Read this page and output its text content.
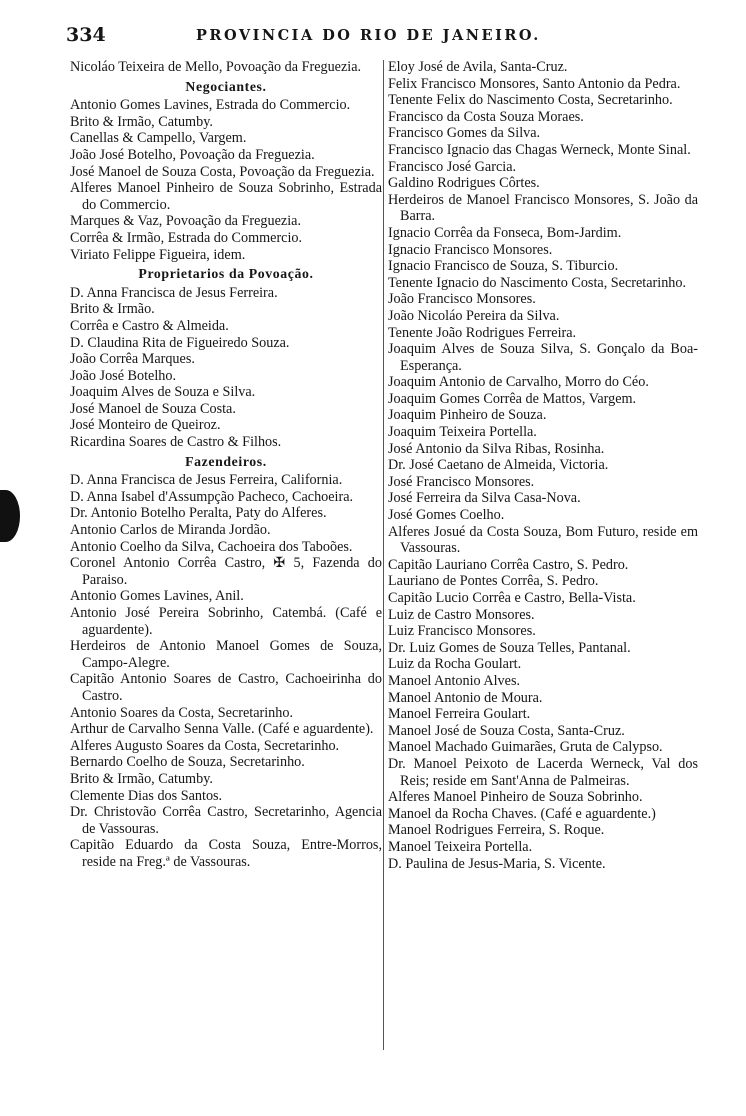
334	PROVINCIA DO RIO DE JANEIRO.

Nicoláo Teixeira de Mello, Povoação da Freguezia.

Negociantes.

Antonio Gomes Lavines, Estrada do Commercio.

Brito & Irmão, Catumby.

Canellas & Campello, Vargem.

João José Botelho, Povoação da Freguezia.

José Manoel de Souza Costa, Povoação da Freguezia.

Alferes Manoel Pinheiro de Souza Sobrinho, Estrada do Commercio.

Marques & Vaz, Povoação da Freguezia.

Corrêa & Irmão, Estrada do Commercio.

Viriato Felippe Figueira, idem.

Proprietarios da Povoação.

D. Anna Francisca de Jesus Ferreira.

Brito & Irmão.

Corrêa e Castro & Almeida.

D. Claudina Rita de Figueiredo Souza.

João Corrêa Marques.

João José Botelho.

Joaquim Alves de Souza e Silva.

José Manoel de Souza Costa.

José Monteiro de Queiroz.

Ricardina Soares de Castro & Filhos.

Fazendeiros.

D. Anna Francisca de Jesus Ferreira, California.

D. Anna Isabel d'Assumpção Pacheco, Cachoeira.

Dr. Antonio Botelho Peralta, Paty do Alferes.

Antonio Carlos de Miranda Jordão.

Antonio Coelho da Silva, Cachoeira dos Taboões.

Coronel Antonio Corrêa Castro, ✠ 5, Fazenda do Paraiso.

Antonio Gomes Lavines, Anil.

Antonio José Pereira Sobrinho, Catembá. (Café e aguardente).

Herdeiros de Antonio Manoel Gomes de Souza, Campo-Alegre.

Capitão Antonio Soares de Castro, Cachoeirinha do Castro.

Antonio Soares da Costa, Secretarinho.

Arthur de Carvalho Senna Valle. (Café e aguardente).

Alferes Augusto Soares da Costa, Secretarinho.

Bernardo Coelho de Souza, Secretarinho.

Brito & Irmão, Catumby.

Clemente Dias dos Santos.

Dr. Christovão Corrêa Castro, Secretarinho, Agencia de Vassouras.

Capitão Eduardo da Costa Souza, Entre-Morros, reside na Freg.ª de Vassouras.

Eloy José de Avila, Santa-Cruz.

Felix Francisco Monsores, Santo Antonio da Pedra.

Tenente Felix do Nascimento Costa, Secretarinho.

Francisco da Costa Souza Moraes.

Francisco Gomes da Silva.

Francisco Ignacio das Chagas Werneck, Monte Sinal.

Francisco José Garcia.

Galdino Rodrigues Côrtes.

Herdeiros de Manoel Francisco Monsores, S. João da Barra.

Ignacio Corrêa da Fonseca, Bom-Jardim.

Ignacio Francisco Monsores.

Ignacio Francisco de Souza, S. Tiburcio.

Tenente Ignacio do Nascimento Costa, Secretarinho.

João Francisco Monsores.

João Nicoláo Pereira da Silva.

Tenente João Rodrigues Ferreira.

Joaquim Alves de Souza Silva, S. Gonçalo da Boa-Esperança.

Joaquim Antonio de Carvalho, Morro do Céo.

Joaquim Gomes Corrêa de Mattos, Vargem.

Joaquim Pinheiro de Souza.

Joaquim Teixeira Portella.

José Antonio da Silva Ribas, Rosinha.

Dr. José Caetano de Almeida, Victoria.

José Francisco Monsores.

José Ferreira da Silva Casa-Nova.

José Gomes Coelho.

Alferes Josué da Costa Souza, Bom Futuro, reside em Vassouras.

Capitão Lauriano Corrêa Castro, S. Pedro.

Lauriano de Pontes Corrêa, S. Pedro.

Capitão Lucio Corrêa e Castro, Bella-Vista.

Luiz de Castro Monsores.

Luiz Francisco Monsores.

Dr. Luiz Gomes de Souza Telles, Pantanal.

Luiz da Rocha Goulart.

Manoel Antonio Alves.

Manoel Antonio de Moura.

Manoel Ferreira Goulart.

Manoel José de Souza Costa, Santa-Cruz.

Manoel Machado Guimarães, Gruta de Calypso.

Dr. Manoel Peixoto de Lacerda Werneck, Val dos Reis; reside em Sant'Anna de Palmeiras.

Alferes Manoel Pinheiro de Souza Sobrinho.

Manoel da Rocha Chaves. (Café e aguardente.)

Manoel Rodrigues Ferreira, S. Roque.

Manoel Teixeira Portella.

D. Paulina de Jesus-Maria, S. Vicente.
